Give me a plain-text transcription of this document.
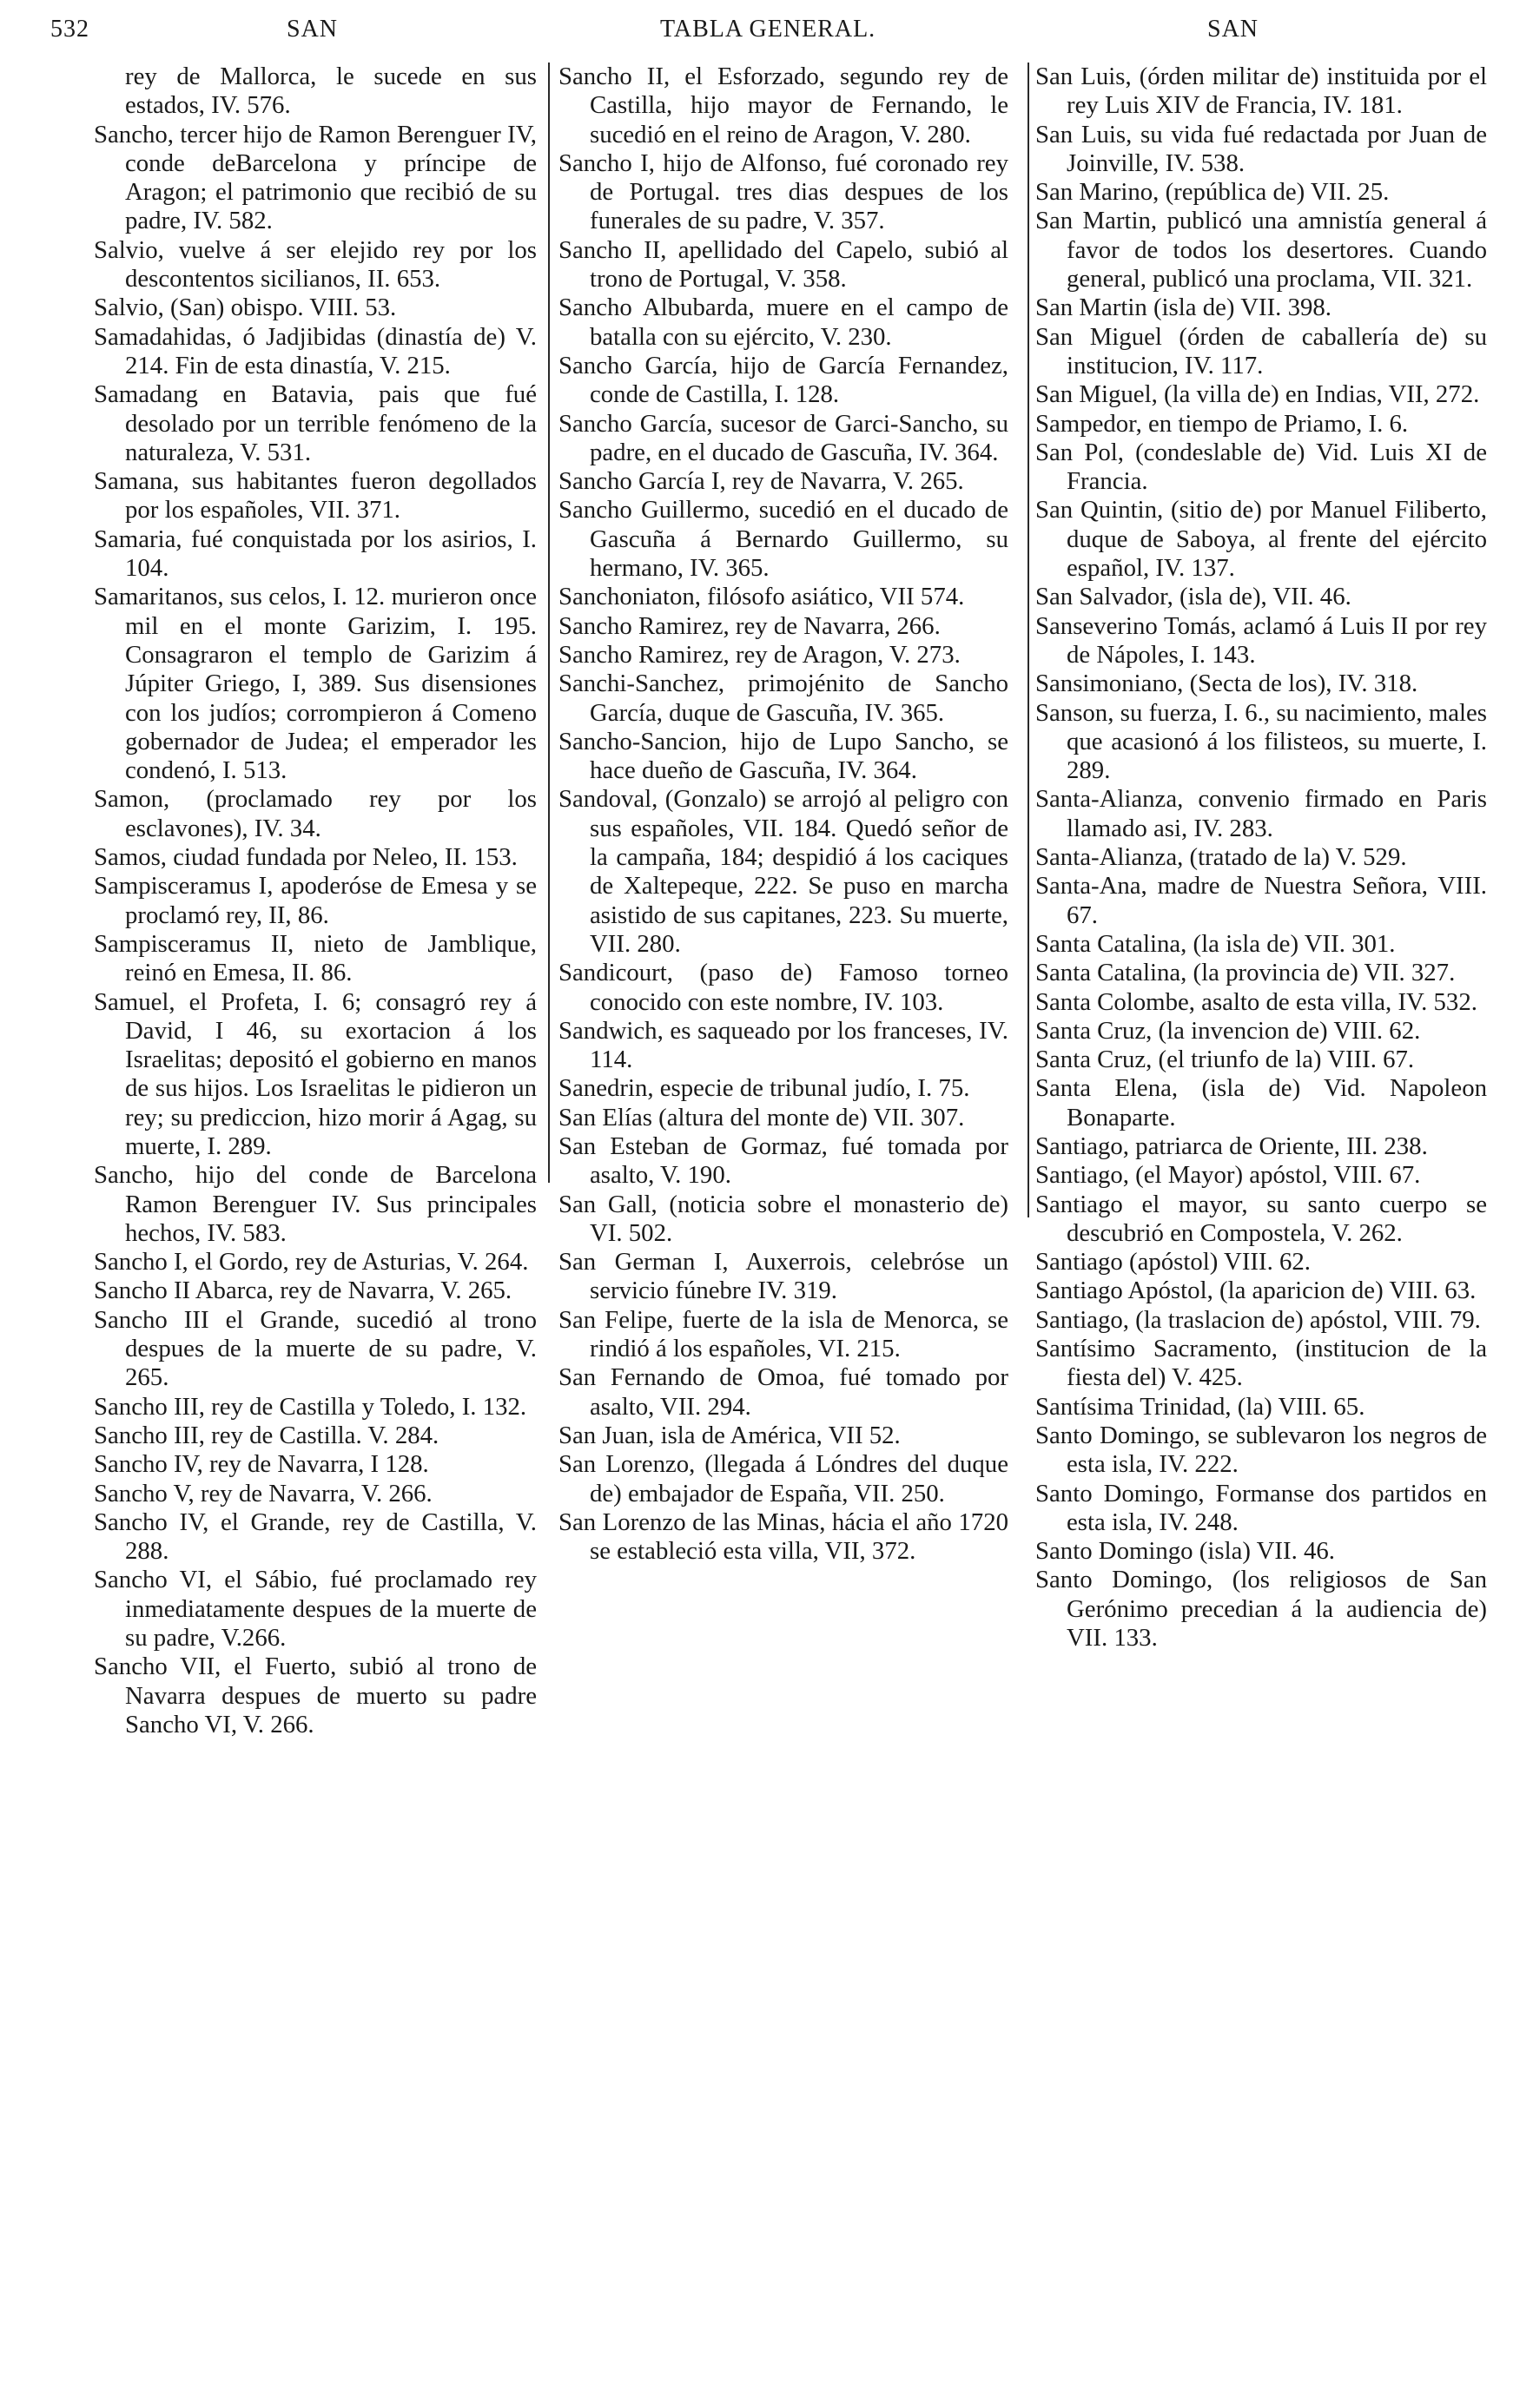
532	SAN	TABLA GENERAL.	SAN

rey de Mallorca, le sucede en sus estados, IV. 576.

Sancho, tercer hijo de Ramon Berenguer IV, conde deBarcelona y príncipe de Aragon; el patrimonio que recibió de su padre, IV. 582.

Salvio, vuelve á ser elejido rey por los descontentos sicilianos, II. 653.

Salvio, (San) obispo. VIII. 53.

Samadahidas, ó Jadjibidas (dinastía de) V. 214. Fin de esta dinastía, V. 215.

Samadang en Batavia, pais que fué desolado por un terrible fenómeno de la naturaleza, V. 531.

Samana, sus habitantes fueron degollados por los españoles, VII. 371.

Samaria, fué conquistada por los asirios, I. 104.

Samaritanos, sus celos, I. 12. murieron once mil en el monte Garizim, I. 195. Consagraron el templo de Garizim á Júpiter Griego, I, 389. Sus disensiones con los judíos; corrompieron á Comeno gobernador de Judea; el emperador les condenó, I. 513.

Samon, (proclamado rey por los esclavones), IV. 34.

Samos, ciudad fundada por Neleo, II. 153.

Sampisceramus I, apoderóse de Emesa y se proclamó rey, II, 86.

Sampisceramus II, nieto de Jamblique, reinó en Emesa, II. 86.

Samuel, el Profeta, I. 6; consagró rey á David, I 46, su exortacion á los Israelitas; depositó el gobierno en manos de sus hijos. Los Israelitas le pidieron un rey; su prediccion, hizo morir á Agag, su muerte, I. 289.

Sancho, hijo del conde de Barcelona Ramon Berenguer IV. Sus principales hechos, IV. 583.

Sancho I, el Gordo, rey de Asturias, V. 264.

Sancho II Abarca, rey de Navarra, V. 265.

Sancho III el Grande, sucedió al trono despues de la muerte de su padre, V. 265.

Sancho III, rey de Castilla y Toledo, I. 132.

Sancho III, rey de Castilla. V. 284.

Sancho IV, rey de Navarra, I 128.

Sancho V, rey de Navarra, V. 266.

Sancho IV, el Grande, rey de Castilla, V. 288.

Sancho VI, el Sábio, fué proclamado rey inmediatamente despues de la muerte de su padre, V.266.

Sancho VII, el Fuerto, subió al trono de Navarra despues de muerto su padre Sancho VI, V. 266.

Sancho II, el Esforzado, segundo rey de Castilla, hijo mayor de Fernando, le sucedió en el reino de Aragon, V. 280.

Sancho I, hijo de Alfonso, fué coronado rey de Portugal. tres dias despues de los funerales de su padre, V. 357.

Sancho II, apellidado del Capelo, subió al trono de Portugal, V. 358.

Sancho Albubarda, muere en el campo de batalla con su ejército, V. 230.

Sancho García, hijo de García Fernandez, conde de Castilla, I. 128.

Sancho García, sucesor de Garci-Sancho, su padre, en el ducado de Gascuña, IV. 364.

Sancho García I, rey de Navarra, V. 265.

Sancho Guillermo, sucedió en el ducado de Gascuña á Bernardo Guillermo, su hermano, IV. 365.

Sanchoniaton, filósofo asiático, VII 574.

Sancho Ramirez, rey de Navarra, 266.

Sancho Ramirez, rey de Aragon, V. 273.

Sanchi-Sanchez, primojénito de Sancho García, duque de Gascuña, IV. 365.

Sancho-Sancion, hijo de Lupo Sancho, se hace dueño de Gascuña, IV. 364.

Sandoval, (Gonzalo) se arrojó al peligro con sus españoles, VII. 184. Quedó señor de la campaña, 184; despidió á los caciques de Xaltepeque, 222. Se puso en marcha asistido de sus capitanes, 223. Su muerte, VII. 280.

Sandicourt, (paso de) Famoso torneo conocido con este nombre, IV. 103.

Sandwich, es saqueado por los franceses, IV. 114.

Sanedrin, especie de tribunal judío, I. 75.

San Elías (altura del monte de) VII. 307.

San Esteban de Gormaz, fué tomada por asalto, V. 190.

San Gall, (noticia sobre el monasterio de) VI. 502.

San German I, Auxerrois, celebróse un servicio fúnebre IV. 319.

San Felipe, fuerte de la isla de Menorca, se rindió á los españoles, VI. 215.

San Fernando de Omoa, fué tomado por asalto, VII. 294.

San Juan, isla de América, VII 52.

San Lorenzo, (llegada á Lóndres del duque de) embajador de España, VII. 250.

San Lorenzo de las Minas, hácia el año 1720 se estableció esta villa, VII, 372.

San Luis, (órden militar de) instituida por el rey Luis XIV de Francia, IV. 181.

San Luis, su vida fué redactada por Juan de Joinville, IV. 538.

San Marino, (república de) VII. 25.

San Martin, publicó una amnistía general á favor de todos los desertores. Cuando general, publicó una proclama, VII. 321.

San Martin (isla de) VII. 398.

San Miguel (órden de caballería de) su institucion, IV. 117.

San Miguel, (la villa de) en Indias, VII, 272.

Sampedor, en tiempo de Priamo, I. 6.

San Pol, (condeslable de) Vid. Luis XI de Francia.

San Quintin, (sitio de) por Manuel Filiberto, duque de Saboya, al frente del ejército español, IV. 137.

San Salvador, (isla de), VII. 46.

Sanseverino Tomás, aclamó á Luis II por rey de Nápoles, I. 143.

Sansimoniano, (Secta de los), IV. 318.

Sanson, su fuerza, I. 6., su nacimiento, males que acasionó á los filisteos, su muerte, I. 289.

Santa-Alianza, convenio firmado en Paris llamado asi, IV. 283.

Santa-Alianza, (tratado de la) V. 529.

Santa-Ana, madre de Nuestra Señora, VIII. 67.

Santa Catalina, (la isla de) VII. 301.

Santa Catalina, (la provincia de) VII. 327.

Santa Colombe, asalto de esta villa, IV. 532.

Santa Cruz, (la invencion de) VIII. 62.

Santa Cruz, (el triunfo de la) VIII. 67.

Santa Elena, (isla de) Vid. Napoleon Bonaparte.

Santiago, patriarca de Oriente, III. 238.

Santiago, (el Mayor) apóstol, VIII. 67.

Santiago el mayor, su santo cuerpo se descubrió en Compostela, V. 262.

Santiago (apóstol) VIII. 62.

Santiago Apóstol, (la aparicion de) VIII. 63.

Santiago, (la traslacion de) apóstol, VIII. 79.

Santísimo Sacramento, (institucion de la fiesta del) V. 425.

Santísima Trinidad, (la) VIII. 65.

Santo Domingo, se sublevaron los negros de esta isla, IV. 222.

Santo Domingo, Formanse dos partidos en esta isla, IV. 248.

Santo Domingo (isla) VII. 46.

Santo Domingo, (los religiosos de San Gerónimo precedian á la audiencia de) VII. 133.
